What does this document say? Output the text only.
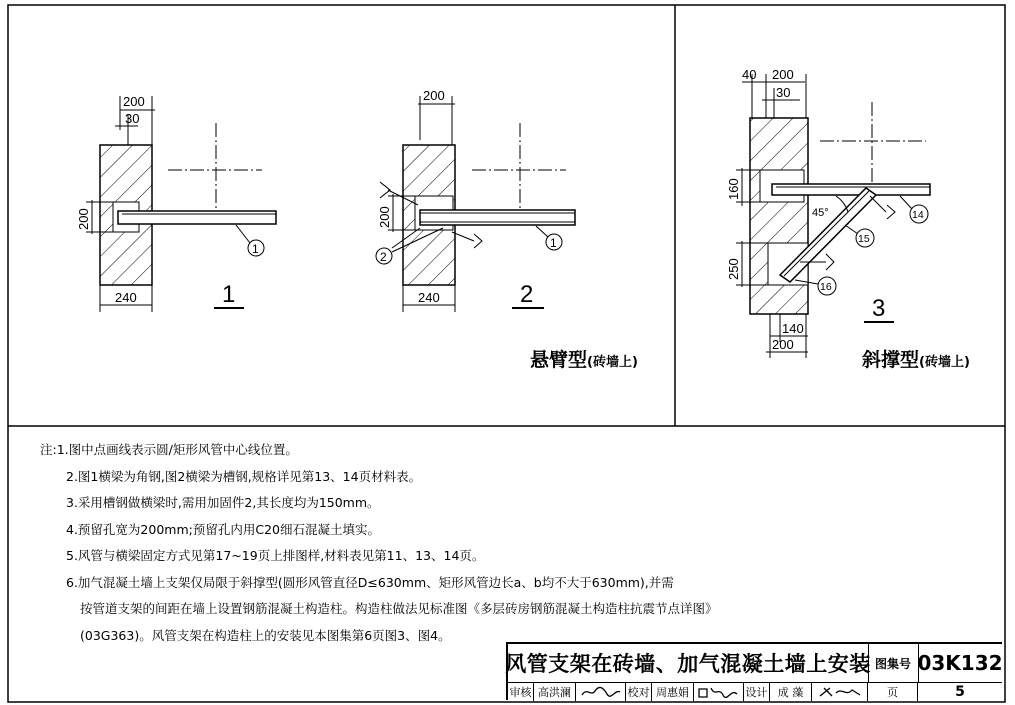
200
30
200
240
1
1
200
200
240
2
1
2
悬臂型(砖墙上)
40 200
30
160
250
140
200
45°	14
15
16
3
斜撑型(砖墙上)
注:1.图中点画线表示圆/矩形风管中心线位置。
2.图1横梁为角钢,图2横梁为槽钢,规格详见第13、14页材料表。
3.采用槽钢做横梁时,需用加固件2,其长度均为150mm。
4.预留孔宽为200mm;预留孔内用C20细石混凝土填实。
5.风管与横梁固定方式见第17~19页上排图样,材料表见第11、13、14页。
6.加气混凝土墙上支架仅局限于斜撑型(圆形风管直径D≤630mm、矩形风管边长a、b均不大于630mm),并需
按管道支架的间距在墙上设置钢筋混凝土构造柱。构造柱做法见标准图《多层砖房钢筋混凝土构造柱抗震节点详图》
(03G363)。风管支架在构造柱上的安装见本图集第6页图3、图4。
风管支架在砖墙、加气混凝土墙上安装 图集号 03K132
审核 高洪澜	校对 周惠娟	设计 成 藻	页	5
